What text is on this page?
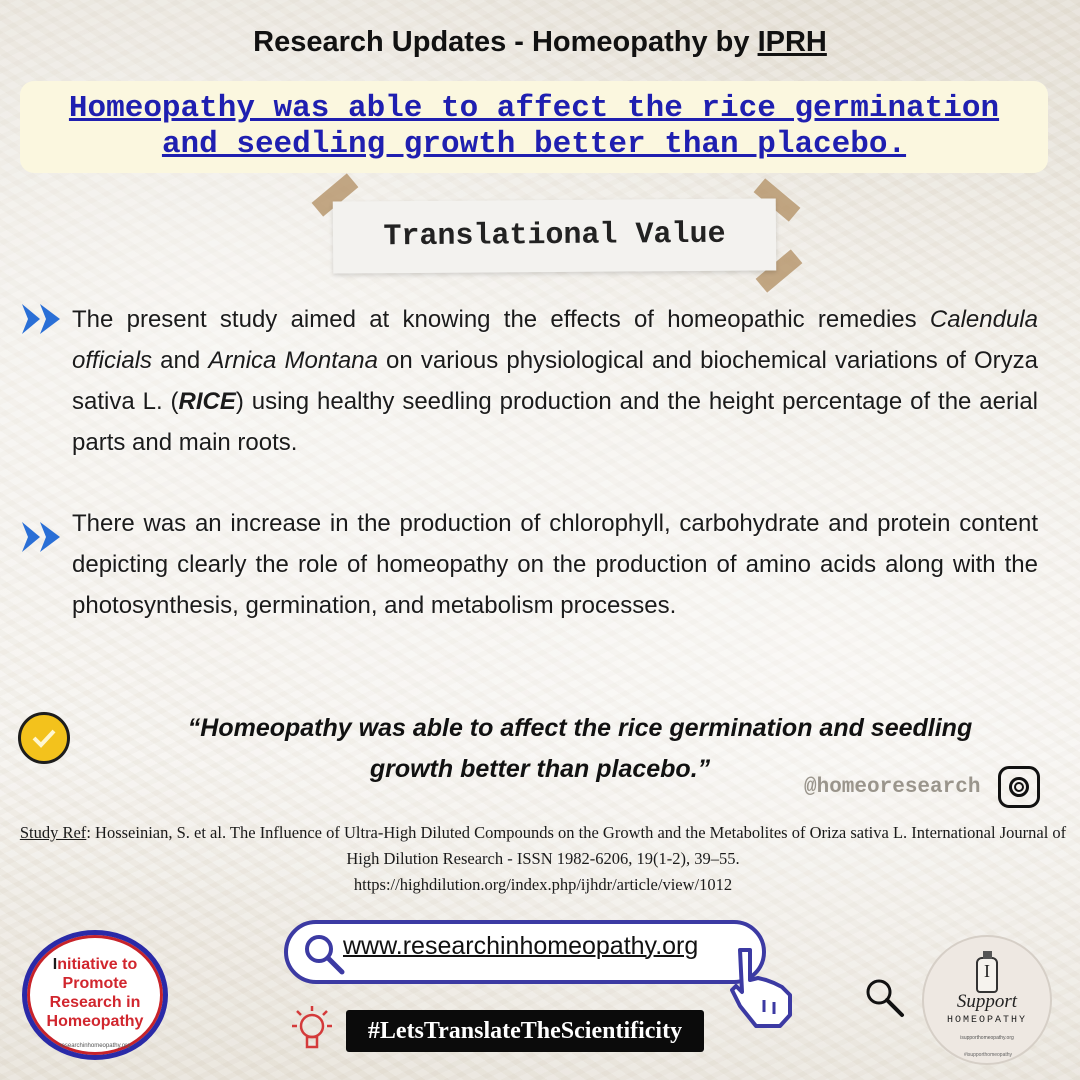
Research Updates - Homeopathy by IPRH
Homeopathy was able to affect the rice germination
and seedling growth better than placebo.
Translational Value
The present study aimed at knowing the effects of homeopathic remedies Calendula officials and Arnica Montana on various physiological and biochemical variations of Oryza sativa L. (RICE) using healthy seedling production and the height percentage of the aerial parts and main roots.
There was an increase in the production of chlorophyll, carbohydrate and protein content depicting clearly the role of homeopathy on the production of amino acids along with the photosynthesis, germination, and metabolism processes.
“Homeopathy was able to affect the rice germination and seedling
growth better than placebo.”
@homeoresearch
Study Ref: Hosseinian, S. et al. The Influence of Ultra-High Diluted Compounds on the Growth and the Metabolites of Oriza sativa L. International Journal of High Dilution Research - ISSN 1982-6206, 19(1-2), 39–55.
https://highdilution.org/index.php/ijhdr/article/view/1012
www.researchinhomeopathy.org
#LetsTranslateTheScientificity
Initiative to
Promote
Research in
Homeopathy
researchinhomeopathy.org
I
Support
HOMEOPATHY
isupporthomeopathy.org
#isupporthomeopathy
